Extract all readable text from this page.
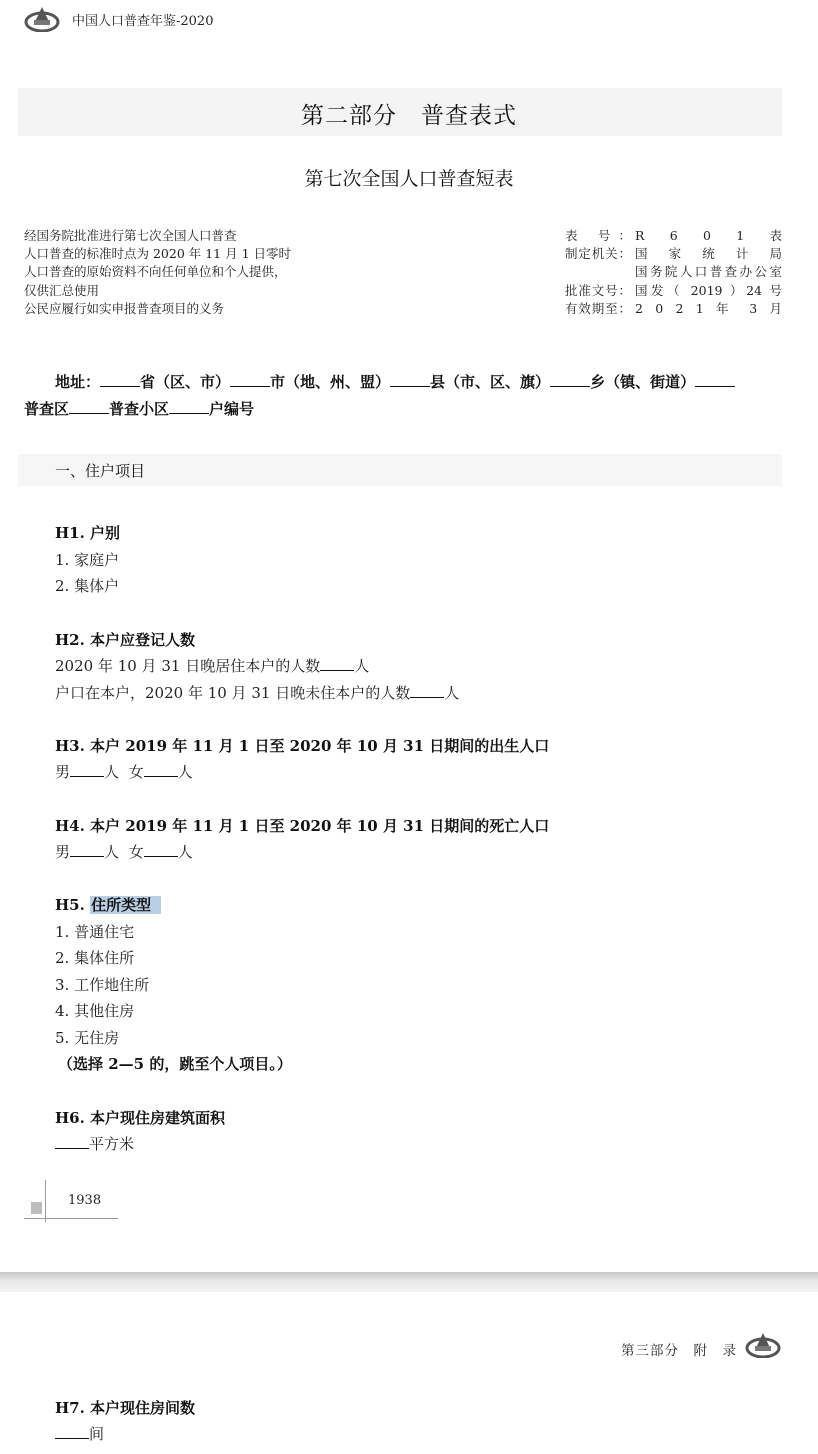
中国人口普查年鉴-2020
第二部分　普查表式
第七次全国人口普查短表
经国务院批准进行第七次全国人口普查
人口普查的标准时点为 2020 年 11 月 1 日零时
人口普查的原始资料不向任何单位和个人提供，
仅供汇总使用
公民应履行如实申报普查项目的义务
表 号： R 6 0 1 表
制定机关： 国 家 统 计 局
国务院人口普查办公室
批准文号： 国发（ 2019 ）24 号
有效期至： 2 0 2 1 年 3 月
地址：	省（区、市）	市（地、州、盟）	县（市、区、旗）	乡（镇、街道）
普查区	普查小区	户编号
一、住户项目
H1. 户别
1. 家庭户
2. 集体户
H2. 本户应登记人数
2020 年 10 月 31 日晚居住本户的人数 人
户口在本户，2020 年 10 月 31 日晚未住本户的人数 人
H3. 本户 2019 年 11 月 1 日至 2020 年 10 月 31 日期间的出生人口
男 人 女 人
H4. 本户 2019 年 11 月 1 日至 2020 年 10 月 31 日期间的死亡人口
男 人 女 人
H5. 住所类型
1. 普通住宅
2. 集体住所
3. 工作地住所
4. 其他住房
5. 无住房
（选择 2—5 的，跳至个人项目。）
H6. 本户现住房建筑面积
平方米
1938
第三部分　附　录
H7. 本户现住房间数
间
